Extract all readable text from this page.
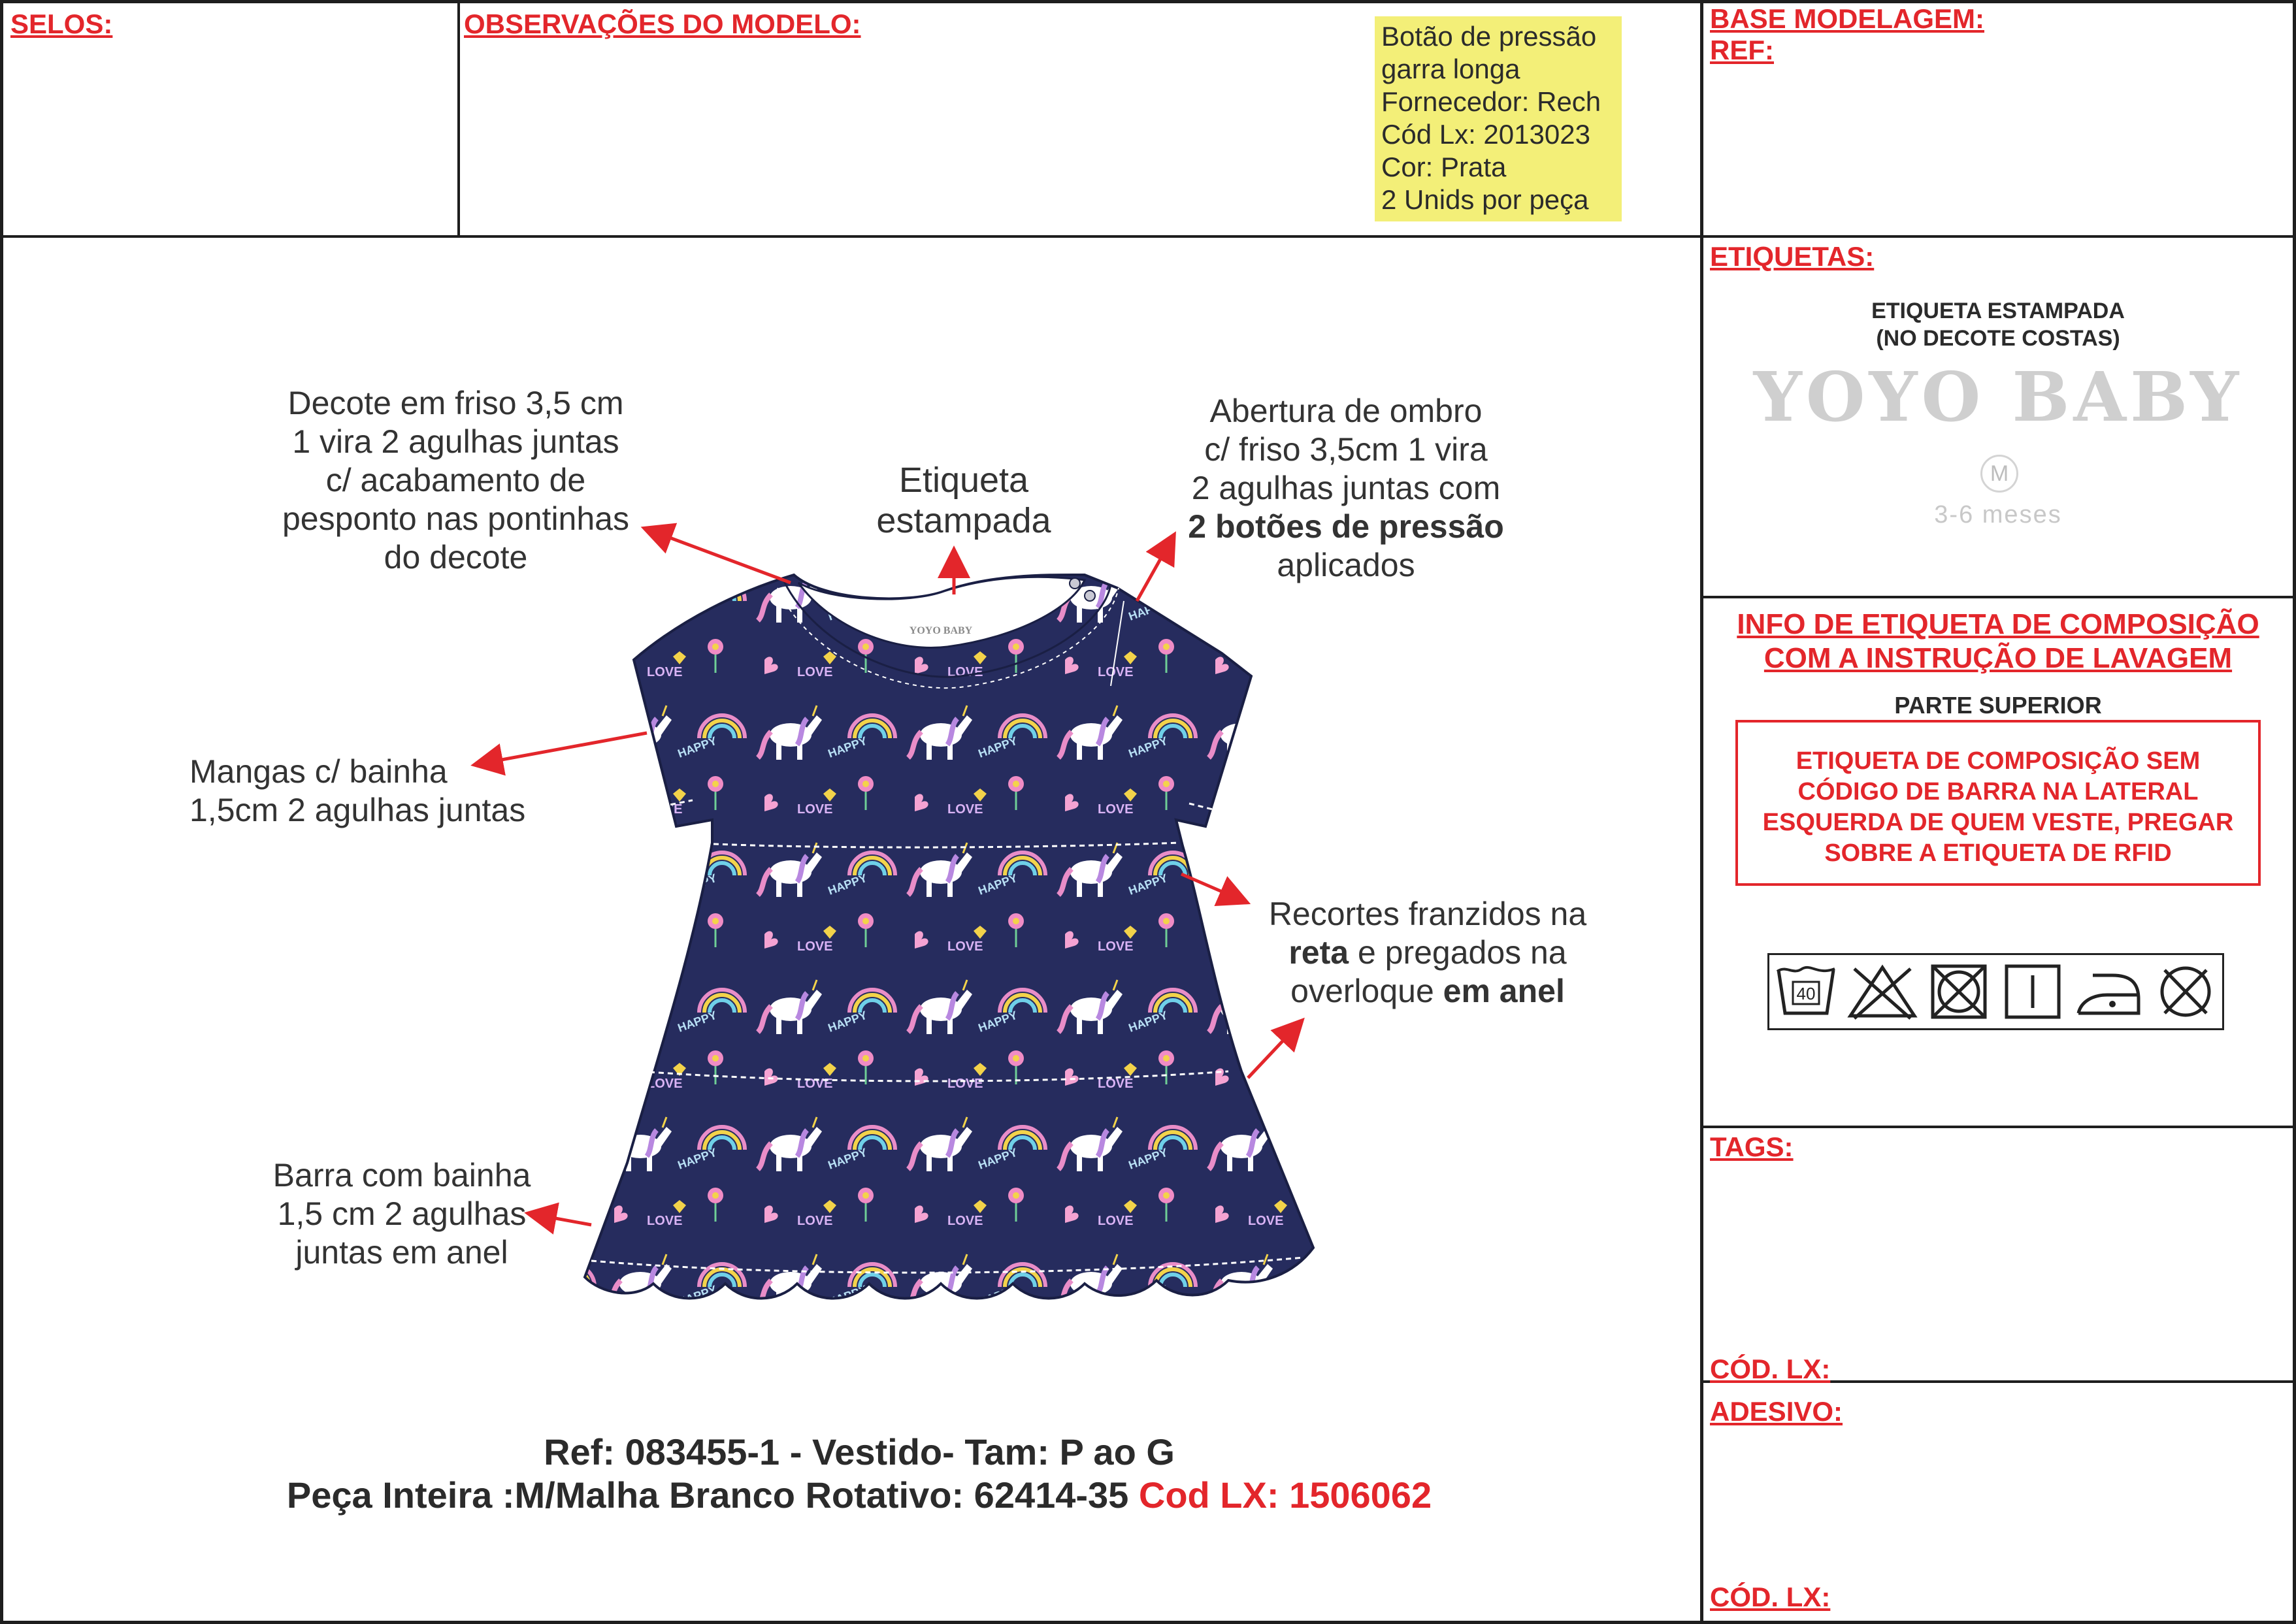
SELOS:	OBSERVAÇÕES DO MODELO:	BASE MODELAGEM:
REF:
Botão de pressão
garra longa
Fornecedor: Rech
Cód Lx: 2013023
Cor: Prata
2 Unids por peça
Decote em friso 3,5 cm
1 vira 2 agulhas juntas
c/ acabamento de
pesponto nas pontinhas
do decote
Etiqueta
estampada
Abertura de ombro
c/ friso 3,5cm 1 vira
2 agulhas juntas com
2 botões de pressão
aplicados
Mangas c/ bainha
1,5cm 2 agulhas juntas
Recortes franzidos na
reta e pregados na
overloque em anel
Barra com bainha
1,5 cm 2 agulhas
juntas em anel
YOYO BABY
Ref: 083455-1 - Vestido- Tam: P ao G
Peça Inteira :M/Malha Branco Rotativo: 62414-35 Cod LX: 1506062
ETIQUETAS:
ETIQUETA ESTAMPADA
(NO DECOTE COSTAS)
YOYO BABY
M
3-6 meses
INFO DE ETIQUETA DE COMPOSIÇÃO
COM A INSTRUÇÃO DE LAVAGEM
PARTE SUPERIOR
ETIQUETA DE COMPOSIÇÃO SEM
CÓDIGO DE BARRA NA LATERAL
ESQUERDA DE QUEM VESTE, PREGAR
SOBRE A ETIQUETA DE RFID
40
TAGS:
CÓD. LX:
ADESIVO:
CÓD. LX:
